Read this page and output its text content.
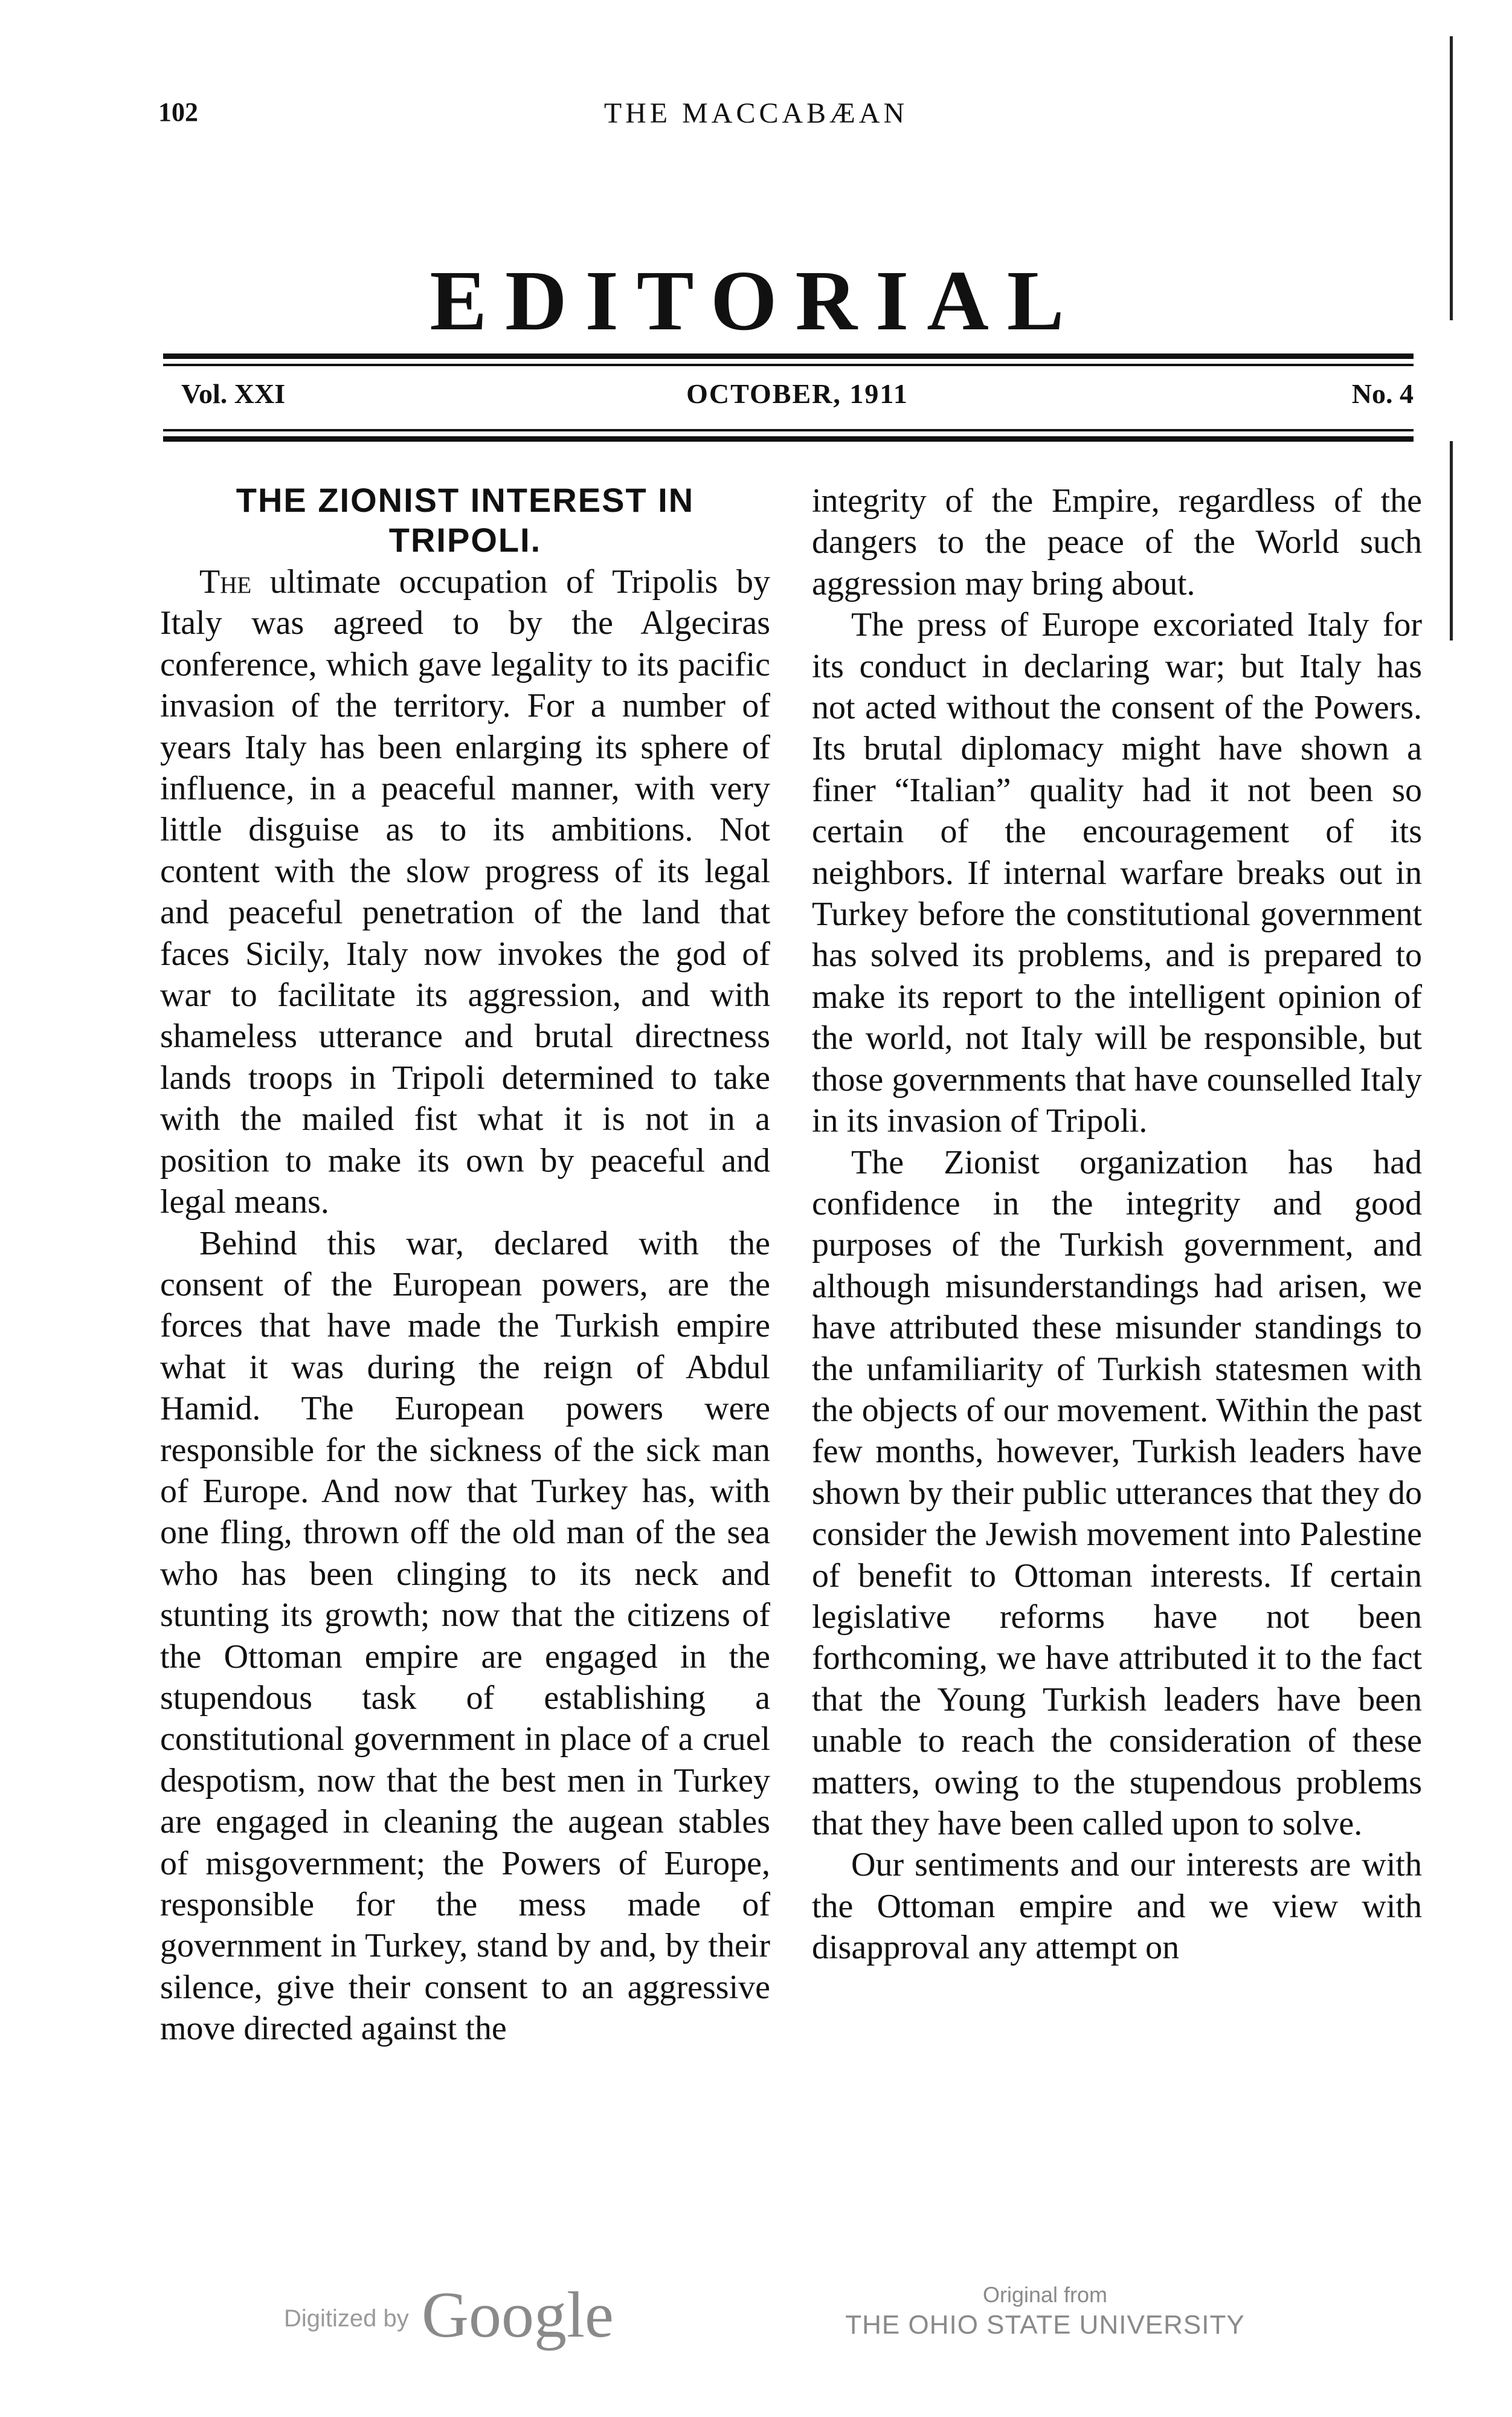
102	THE MACCABÆAN
EDITORIAL
Vol. XXI	OCTOBER, 1911	No. 4
THE ZIONIST INTEREST IN TRIPOLI.

The ultimate occupation of Tripolis by Italy was agreed to by the Algeciras conference, which gave legality to its pacific invasion of the territory. For a number of years Italy has been enlarging its sphere of influence, in a peaceful manner, with very little disguise as to its ambitions. Not content with the slow progress of its legal and peaceful penetration of the land that faces Sicily, Italy now invokes the god of war to facilitate its aggression, and with shameless utterance and brutal directness lands troops in Tripoli determined to take with the mailed fist what it is not in a position to make its own by peaceful and legal means.

Behind this war, declared with the consent of the European powers, are the forces that have made the Turkish empire what it was during the reign of Abdul Hamid. The European powers were responsible for the sickness of the sick man of Europe. And now that Turkey has, with one fling, thrown off the old man of the sea who has been clinging to its neck and stunting its growth; now that the citizens of the Ottoman empire are engaged in the stupendous task of establishing a constitutional government in place of a cruel despotism, now that the best men in Turkey are engaged in cleaning the augean stables of misgovernment; the Powers of Europe, responsible for the mess made of government in Turkey, stand by and, by their silence, give their consent to an aggressive move directed against the

integrity of the Empire, regardless of the dangers to the peace of the World such aggression may bring about.

The press of Europe excoriated Italy for its conduct in declaring war; but Italy has not acted without the consent of the Powers. Its brutal diplomacy might have shown a finer “Italian” quality had it not been so certain of the encouragement of its neighbors. If internal warfare breaks out in Turkey before the constitutional government has solved its problems, and is prepared to make its report to the intelligent opinion of the world, not Italy will be responsible, but those governments that have counselled Italy in its invasion of Tripoli.

The Zionist organization has had confidence in the integrity and good purposes of the Turkish government, and although misunderstandings had arisen, we have attributed these misunder standings to the unfamiliarity of Turkish statesmen with the objects of our movement. Within the past few months, however, Turkish leaders have shown by their public utterances that they do consider the Jewish movement into Palestine of benefit to Ottoman interests. If certain legislative reforms have not been forthcoming, we have attributed it to the fact that the Young Turkish leaders have been unable to reach the consideration of these matters, owing to the stupendous problems that they have been called upon to solve.

Our sentiments and our interests are with the Ottoman empire and we view with disapproval any attempt on

Digitized by Google	Original from
THE OHIO STATE UNIVERSITY
